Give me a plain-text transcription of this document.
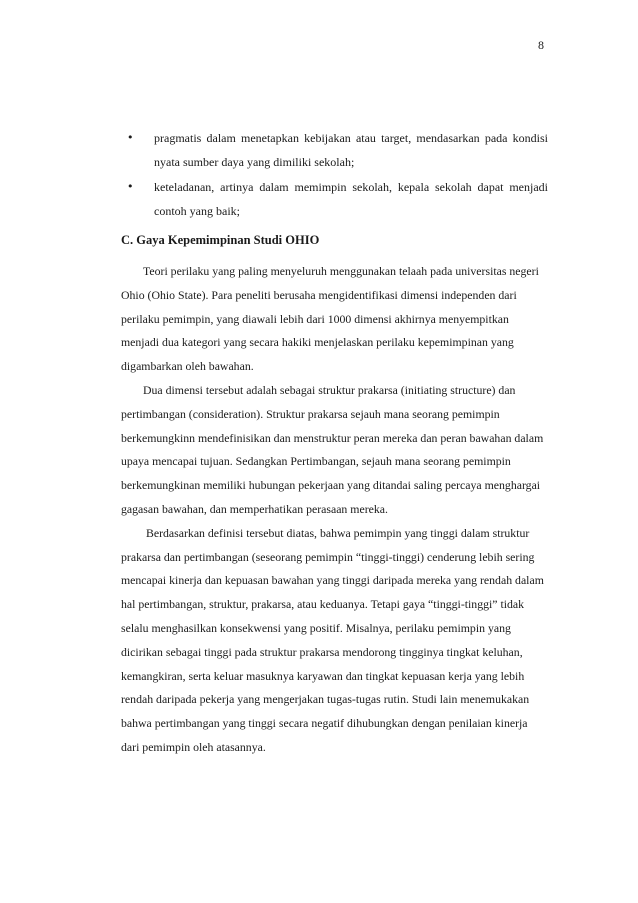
8
• pragmatis dalam menetapkan kebijakan atau target, mendasarkan pada kondisi nyata sumber daya yang dimiliki sekolah;
• keteladanan, artinya dalam memimpin sekolah, kepala sekolah dapat menjadi contoh yang baik;
C. Gaya Kepemimpinan Studi OHIO

Teori perilaku yang paling menyeluruh menggunakan telaah pada universitas negeri Ohio (Ohio State). Para peneliti berusaha mengidentifikasi dimensi independen dari perilaku pemimpin, yang diawali lebih dari 1000 dimensi akhirnya menyempitkan menjadi dua kategori yang secara hakiki menjelaskan perilaku kepemimpinan yang digambarkan oleh bawahan.

Dua dimensi tersebut adalah sebagai struktur prakarsa (initiating structure) dan pertimbangan (consideration). Struktur prakarsa sejauh mana seorang pemimpin berkemungkinn mendefinisikan dan menstruktur peran mereka dan peran bawahan dalam upaya mencapai tujuan. Sedangkan Pertimbangan, sejauh mana seorang pemimpin berkemungkinan memiliki hubungan pekerjaan yang ditandai saling percaya menghargai gagasan bawahan, dan memperhatikan perasaan mereka.

Berdasarkan definisi tersebut diatas, bahwa pemimpin yang tinggi dalam struktur prakarsa dan pertimbangan (seseorang pemimpin “tinggi-tinggi) cenderung lebih sering mencapai kinerja dan kepuasan bawahan yang tinggi daripada mereka yang rendah dalam hal pertimbangan, struktur, prakarsa, atau keduanya. Tetapi gaya “tinggi-tinggi” tidak selalu menghasilkan konsekwensi yang positif. Misalnya, perilaku pemimpin yang dicirikan sebagai tinggi pada struktur prakarsa mendorong tingginya tingkat keluhan, kemangkiran, serta keluar masuknya karyawan dan tingkat kepuasan kerja yang lebih rendah daripada pekerja yang mengerjakan tugas-tugas rutin. Studi lain menemukakan bahwa pertimbangan yang tinggi secara negatif dihubungkan dengan penilaian kinerja dari pemimpin oleh atasannya.
